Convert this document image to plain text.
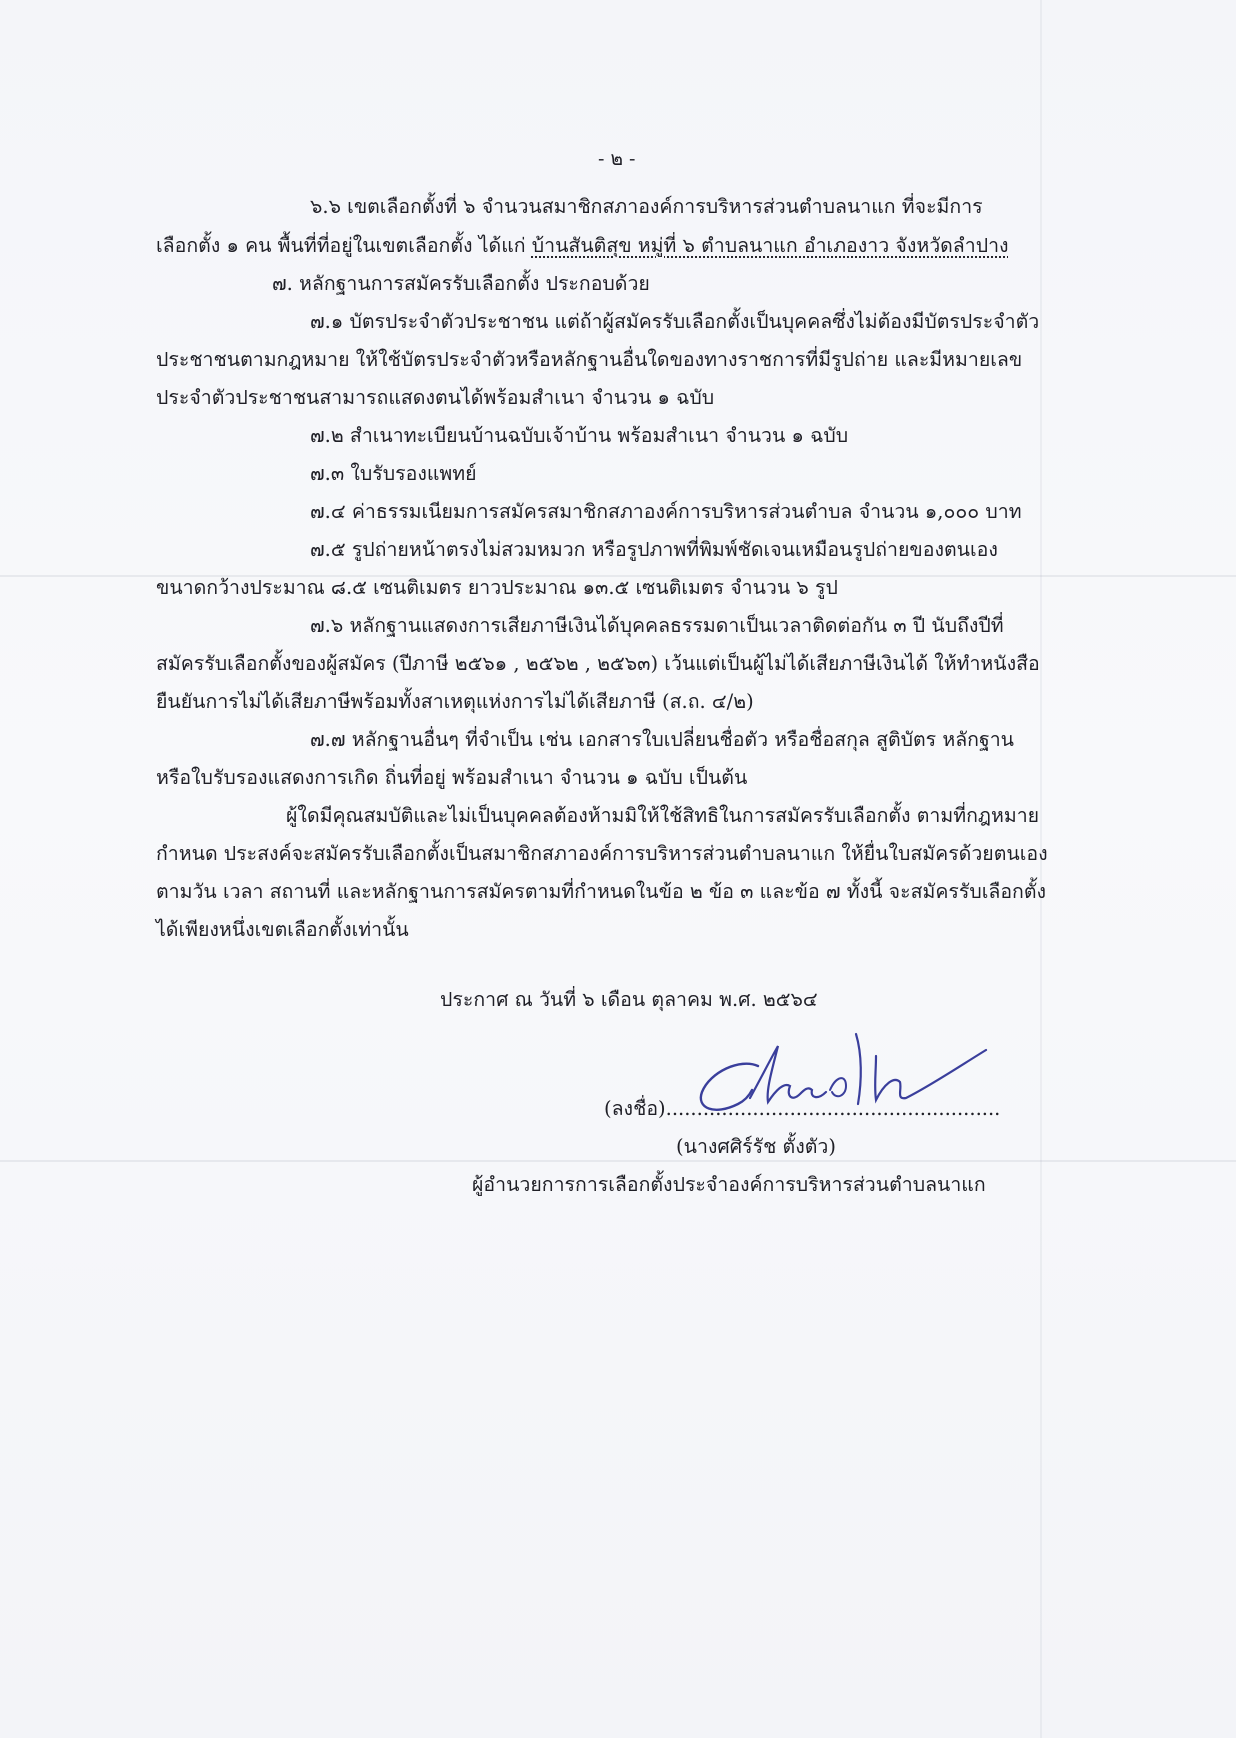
- ๒ -
๖.๖ เขตเลือกตั้งที่ ๖ จำนวนสมาชิกสภาองค์การบริหารส่วนตำบลนาแก ที่จะมีการ
เลือกตั้ง ๑ คน พื้นที่ที่อยู่ในเขตเลือกตั้ง ได้แก่ บ้านสันติสุข หมู่ที่ ๖ ตำบลนาแก อำเภองาว จังหวัดลำปาง
๗. หลักฐานการสมัครรับเลือกตั้ง ประกอบด้วย
๗.๑ บัตรประจำตัวประชาชน แต่ถ้าผู้สมัครรับเลือกตั้งเป็นบุคคลซึ่งไม่ต้องมีบัตรประจำตัว
ประชาชนตามกฎหมาย ให้ใช้บัตรประจำตัวหรือหลักฐานอื่นใดของทางราชการที่มีรูปถ่าย และมีหมายเลข
ประจำตัวประชาชนสามารถแสดงตนได้พร้อมสำเนา จำนวน ๑ ฉบับ
๗.๒ สำเนาทะเบียนบ้านฉบับเจ้าบ้าน พร้อมสำเนา จำนวน ๑ ฉบับ
๗.๓ ใบรับรองแพทย์
๗.๔ ค่าธรรมเนียมการสมัครสมาชิกสภาองค์การบริหารส่วนตำบล จำนวน ๑,๐๐๐ บาท
๗.๕ รูปถ่ายหน้าตรงไม่สวมหมวก หรือรูปภาพที่พิมพ์ชัดเจนเหมือนรูปถ่ายของตนเอง
ขนาดกว้างประมาณ ๘.๕ เซนติเมตร ยาวประมาณ ๑๓.๕ เซนติเมตร จำนวน ๖ รูป
๗.๖ หลักฐานแสดงการเสียภาษีเงินได้บุคคลธรรมดาเป็นเวลาติดต่อกัน ๓ ปี นับถึงปีที่
สมัครรับเลือกตั้งของผู้สมัคร (ปีภาษี ๒๕๖๑ , ๒๕๖๒ , ๒๕๖๓) เว้นแต่เป็นผู้ไม่ได้เสียภาษีเงินได้ ให้ทำหนังสือ
ยืนยันการไม่ได้เสียภาษีพร้อมทั้งสาเหตุแห่งการไม่ได้เสียภาษี (ส.ถ. ๔/๒)
๗.๗ หลักฐานอื่นๆ ที่จำเป็น เช่น เอกสารใบเปลี่ยนชื่อตัว หรือชื่อสกุล สูติบัตร หลักฐาน
หรือใบรับรองแสดงการเกิด ถิ่นที่อยู่ พร้อมสำเนา จำนวน ๑ ฉบับ เป็นต้น
ผู้ใดมีคุณสมบัติและไม่เป็นบุคคลต้องห้ามมิให้ใช้สิทธิในการสมัครรับเลือกตั้ง ตามที่กฎหมาย
กำหนด ประสงค์จะสมัครรับเลือกตั้งเป็นสมาชิกสภาองค์การบริหารส่วนตำบลนาแก ให้ยื่นใบสมัครด้วยตนเอง
ตามวัน เวลา สถานที่ และหลักฐานการสมัครตามที่กำหนดในข้อ ๒ ข้อ ๓ และข้อ ๗ ทั้งนี้ จะสมัครรับเลือกตั้ง
ได้เพียงหนึ่งเขตเลือกตั้งเท่านั้น
ประกาศ ณ วันที่ ๖ เดือน ตุลาคม พ.ศ. ๒๕๖๔
(ลงชื่อ)......................................................
(นางศศิร์รัช ตั้งตัว)
ผู้อำนวยการการเลือกตั้งประจำองค์การบริหารส่วนตำบลนาแก
